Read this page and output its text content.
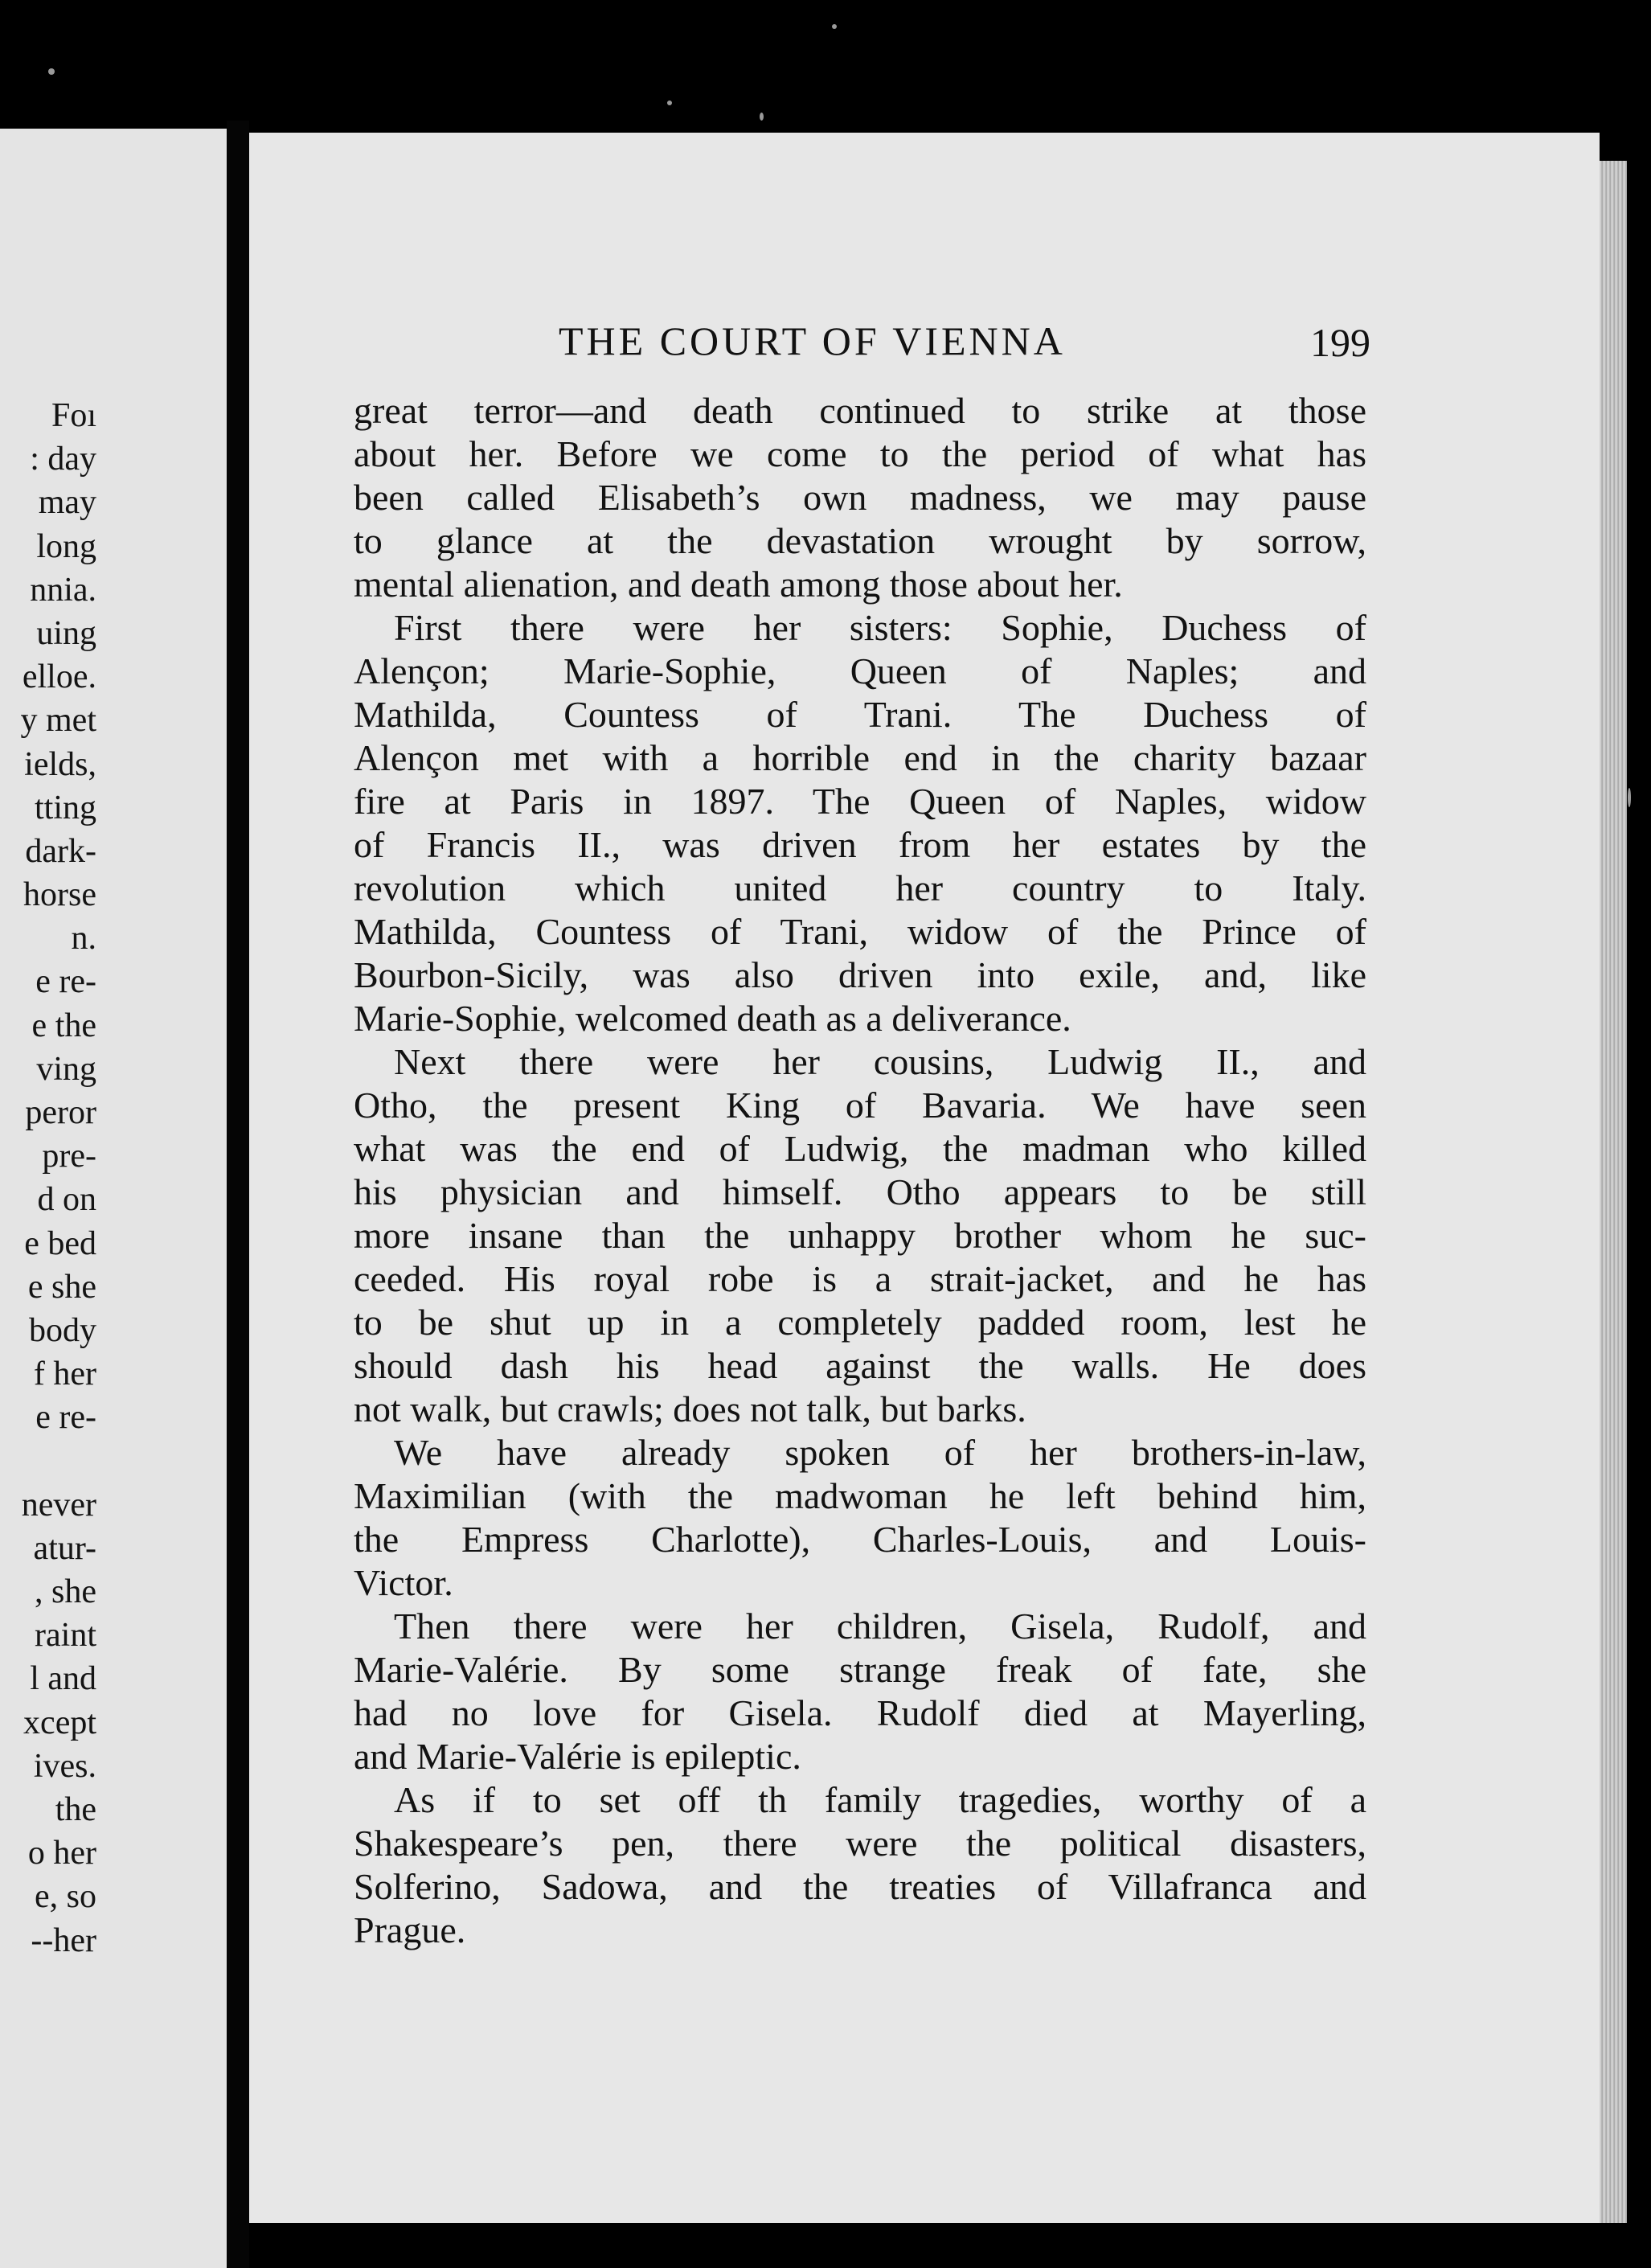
Foı
: day
may
long
nnia.
uing
elloe.
y met
ields,
tting
dark-
horse
n.
e re-
e the
ving
peror
pre-
d on
e bed
e she
body
f her
e re-
never
atur-
, she
raint
l and
xcept
ives.
the
o her
e, so
--her
THE COURT OF VIENNA	199
great terror—and death continued to strike at those
about her. Before we come to the period of what has
been called Elisabeth’s own madness, we may pause
to glance at the devastation wrought by sorrow,
mental alienation, and death among those about her.
First there were her sisters: Sophie, Duchess of
Alençon; Marie-Sophie, Queen of Naples; and
Mathilda, Countess of Trani. The Duchess of
Alençon met with a horrible end in the charity bazaar
fire at Paris in 1897. The Queen of Naples, widow
of Francis II., was driven from her estates by the
revolution which united her country to Italy.
Mathilda, Countess of Trani, widow of the Prince of
Bourbon-Sicily, was also driven into exile, and, like
Marie-Sophie, welcomed death as a deliverance.
Next there were her cousins, Ludwig II., and
Otho, the present King of Bavaria. We have seen
what was the end of Ludwig, the madman who killed
his physician and himself. Otho appears to be still
more insane than the unhappy brother whom he suc-
ceeded. His royal robe is a strait-jacket, and he has
to be shut up in a completely padded room, lest he
should dash his head against the walls. He does
not walk, but crawls; does not talk, but barks.
We have already spoken of her brothers-in-law,
Maximilian (with the madwoman he left behind him,
the Empress Charlotte), Charles-Louis, and Louis-
Victor.
Then there were her children, Gisela, Rudolf, and
Marie-Valérie. By some strange freak of fate, she
had no love for Gisela. Rudolf died at Mayerling,
and Marie-Valérie is epileptic.
As if to set off th family tragedies, worthy of a
Shakespeare’s pen, there were the political disasters,
Solferino, Sadowa, and the treaties of Villafranca and
Prague.
